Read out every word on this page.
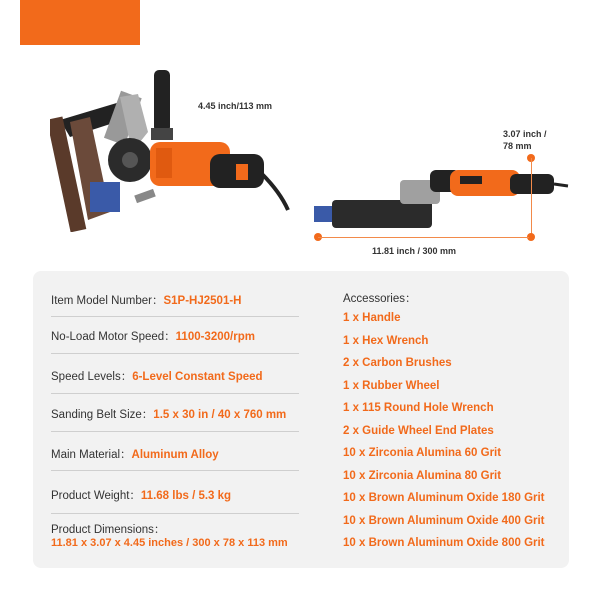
4.45 inch/113 mm
3.07 inch /
78 mm
11.81 inch / 300 mm
Item Model Number：S1P-HJ2501-H
No-Load Motor Speed：1100-3200/rpm
Speed Levels：6-Level Constant Speed
Sanding Belt Size：1.5 x 30 in / 40 x 760 mm
Main Material：Aluminum Alloy
Product Weight：11.68 lbs / 5.3 kg
Product Dimensions：
11.81 x 3.07 x 4.45 inches / 300 x 78 x 113 mm
Accessories：
1 x Handle
1 x Hex Wrench
2 x Carbon Brushes
1 x Rubber Wheel
1 x 115 Round Hole Wrench
2 x Guide Wheel End Plates
10 x Zirconia Alumina 60 Grit
10 x Zirconia Alumina 80 Grit
10 x Brown Aluminum Oxide 180 Grit
10 x Brown Aluminum Oxide 400 Grit
10 x Brown Aluminum Oxide 800 Grit
